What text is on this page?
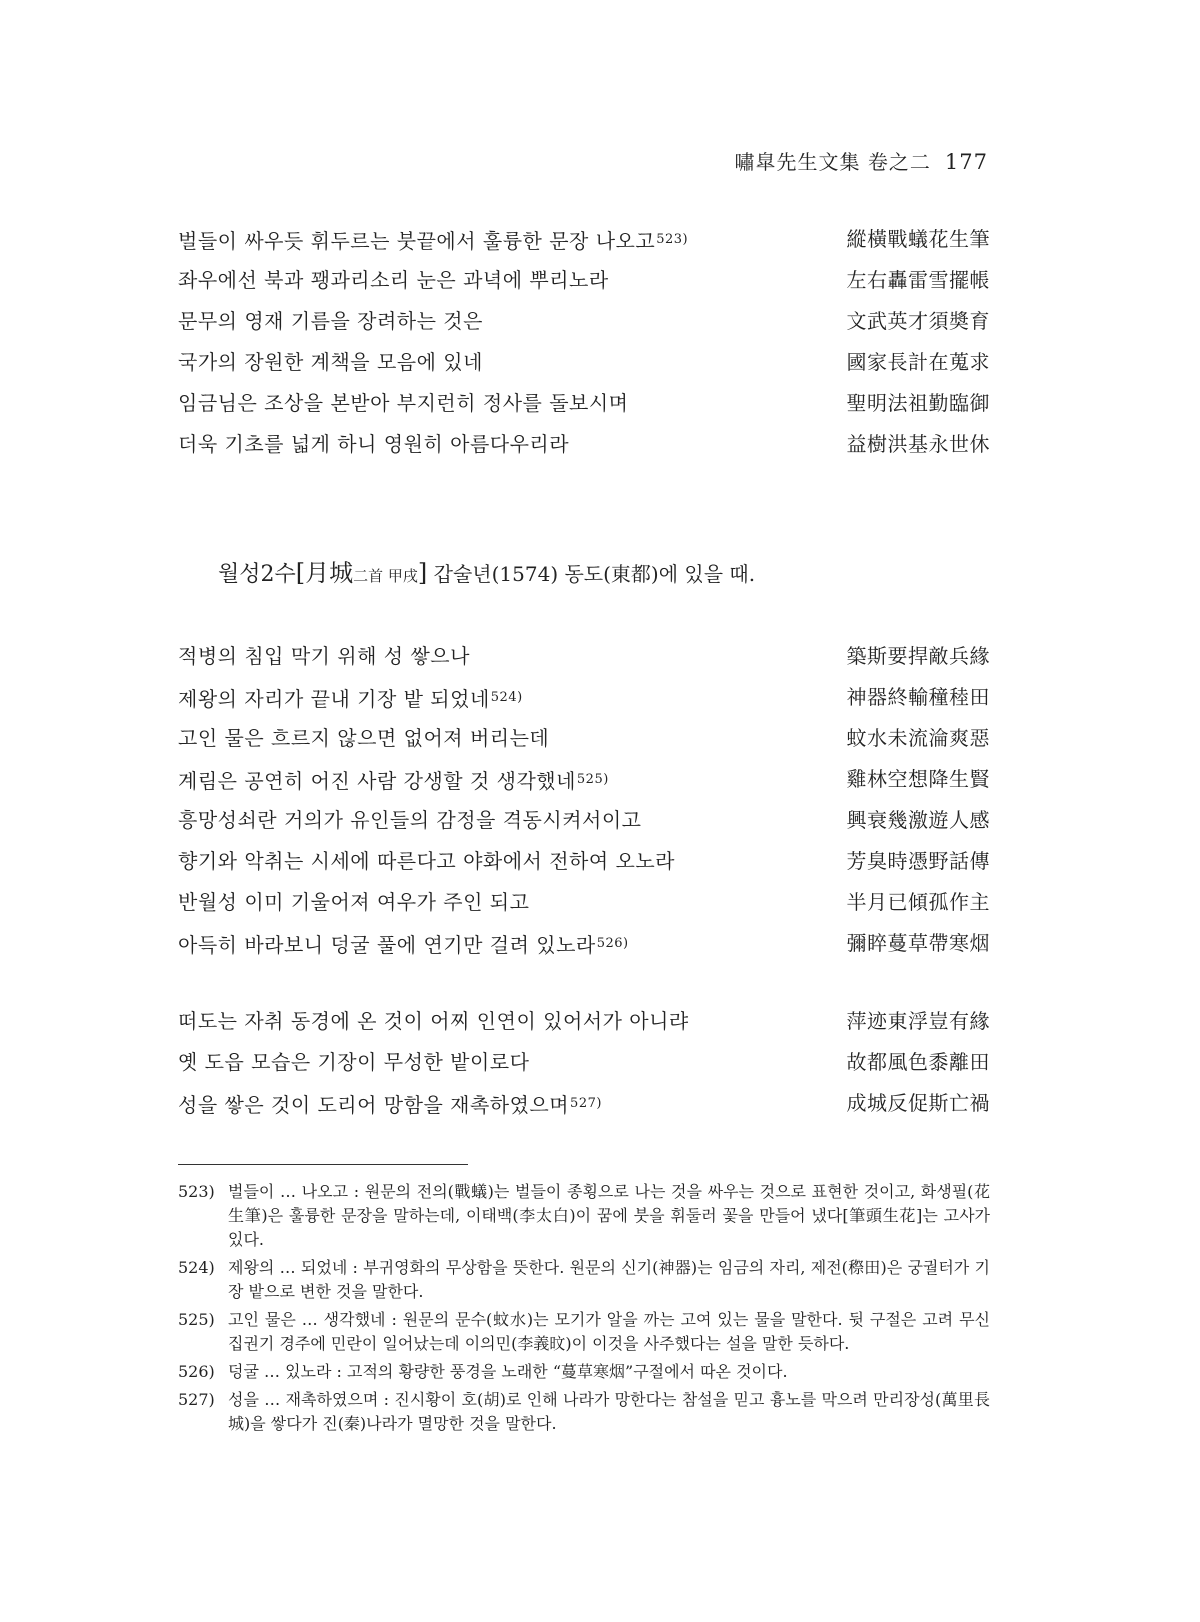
嘯皐先生文集 卷之二 177
벌들이 싸우듯 휘두르는 붓끝에서 훌륭한 문장 나오고$^{523)}$	縱橫戰蟻花生筆
좌우에선 북과 꽹과리소리 눈은 과녁에 뿌리노라	左右轟雷雪擺帳
문무의 영재 기름을 장려하는 것은	文武英才須奬育
국가의 장원한 계책을 모음에 있네	國家長計在蒐求
임금님은 조상을 본받아 부지런히 정사를 돌보시며	聖明法祖勤臨御
더욱 기초를 넓게 하니 영원히 아름다우리라	益樹洪基永世休
월성2수[月城二首 甲戌] 갑술년(1574) 동도(東都)에 있을 때.
적병의 침입 막기 위해 성 쌓으나	築斯要捍敵兵緣
제왕의 자리가 끝내 기장 밭 되었네$^{524)}$	神器終輸穜稑田
고인 물은 흐르지 않으면 없어져 버리는데	蚊水未流淪爽惡
계림은 공연히 어진 사람 강생할 것 생각했네$^{525)}$	雞林空想降生賢
흥망성쇠란 거의가 유인들의 감정을 격동시켜서이고	興衰幾激遊人感
향기와 악취는 시세에 따른다고 야화에서 전하여 오노라	芳臭時憑野話傳
반월성 이미 기울어져 여우가 주인 되고	半月已傾孤作主
아득히 바라보니 덩굴 풀에 연기만 걸려 있노라$^{526)}$	彌睟蔓草帶寒烟
떠도는 자취 동경에 온 것이 어찌 인연이 있어서가 아니랴	萍迹東浮豈有緣
옛 도읍 모습은 기장이 무성한 밭이로다	故都風色黍離田
성을 쌓은 것이 도리어 망함을 재촉하였으며$^{527)}$	成城反促斯亡禍
523) 벌들이 … 나오고 : 원문의 전의(戰蟻)는 벌들이 종횡으로 나는 것을 싸우는 것으로 표현한 것이고, 화생필(花生筆)은 훌륭한 문장을 말하는데, 이태백(李太白)이 꿈에 붓을 휘둘러 꽃을 만들어 냈다[筆頭生花]는 고사가 있다.
524) 제왕의 … 되었네 : 부귀영화의 무상함을 뜻한다. 원문의 신기(神器)는 임금의 자리, 제전(穄田)은 궁궐터가 기장 밭으로 변한 것을 말한다.
525) 고인 물은 … 생각했네 : 원문의 문수(蚊水)는 모기가 알을 까는 고여 있는 물을 말한다. 뒷 구절은 고려 무신 집권기 경주에 민란이 일어났는데 이의민(李義旼)이 이것을 사주했다는 설을 말한 듯하다.
526) 덩굴 … 있노라 : 고적의 황량한 풍경을 노래한 “蔓草寒烟”구절에서 따온 것이다.
527) 성을 … 재촉하였으며 : 진시황이 호(胡)로 인해 나라가 망한다는 참설을 믿고 흉노를 막으려 만리장성(萬里長城)을 쌓다가 진(秦)나라가 멸망한 것을 말한다.
